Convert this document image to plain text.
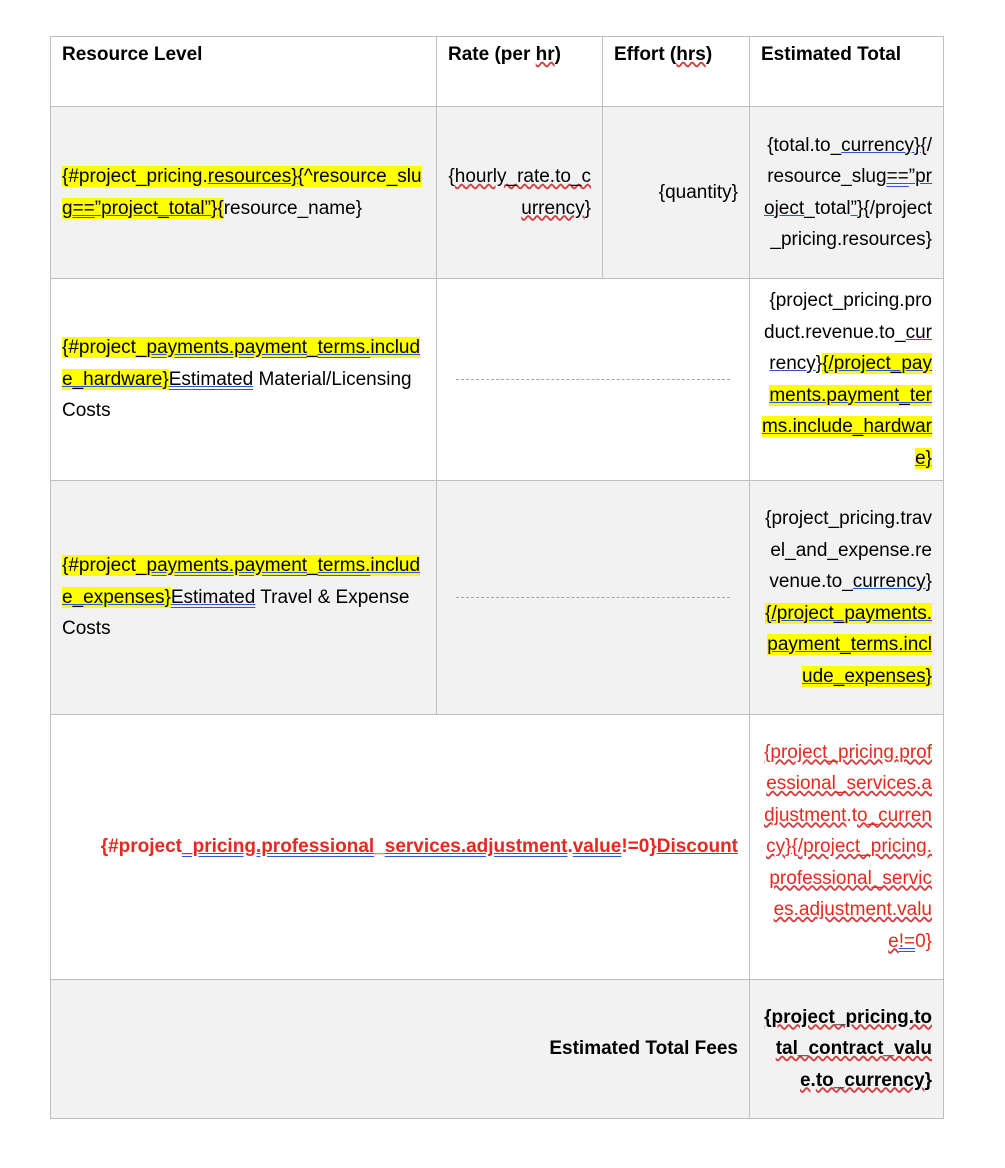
Resource Level	Rate (per hr)	Effort (hrs)	Estimated Total
{#project_pricing.resources}{^resource_slug==”project_total”}{resource_name}	{hourly_rate.to_currency}	{quantity}	{total.to_currency}{/resource_slug==”project_total”}{/project_pricing.resources}
{#project_payments.payment_terms.include_hardware}Estimated Material/Licensing Costs			{project_pricing.product.revenue.to_currency}{/project_payments.payment_terms.include_hardware}
{#project_payments.payment_terms.include_expenses}Estimated Travel & Expense Costs			{project_pricing.travel_and_expense.revenue.to_currency}{/project_payments.payment_terms.include_expenses}
{#project_pricing.professional_services.adjustment.value!=0}Discount			{project_pricing.professional_services.adjustment.to_currency}{/project_pricing.professional_services.adjustment.value!=0}
Estimated Total Fees			{project_pricing.total_contract_value.to_currency}
